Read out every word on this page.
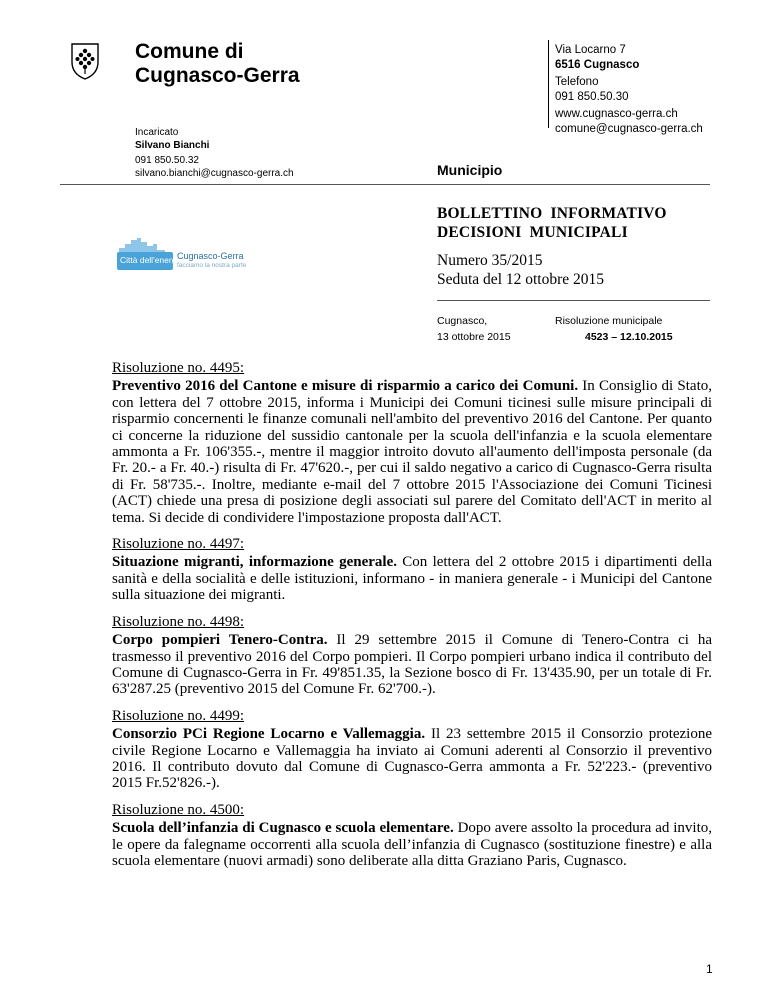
Comune di
Cugnasco-Gerra
Via Locarno 7
6516 Cugnasco
Telefono
091 850.50.30
www.cugnasco-gerra.ch
comune@cugnasco-gerra.ch
Incaricato
Silvano Bianchi
091 850.50.32
silvano.bianchi@cugnasco-gerra.ch	Municipio
Città dell'energia
Cugnasco-Gerra
facciamo la nostra parte
BOLLETTINO  INFORMATIVO
DECISIONI  MUNICIPALI
Numero 35/2015
Seduta del 12 ottobre 2015
Cugnasco,
13 ottobre 2015
Risoluzione municipale
4523 – 12.10.2015
Risoluzione no. 4495:
Preventivo 2016 del Cantone e misure di risparmio a carico dei Comuni. In Consiglio di Stato, con lettera del 7 ottobre 2015, informa i Municipi dei Comuni ticinesi sulle misure principali di risparmio concernenti le finanze comunali nell'ambito del preventivo 2016 del Cantone. Per quanto ci concerne la riduzione del sussidio cantonale per la scuola dell'infanzia e la scuola elementare ammonta a Fr. 106'355.-, mentre il maggior introito dovuto all'aumento dell'imposta personale (da Fr. 20.- a Fr. 40.-) risulta di Fr. 47'620.-, per cui il saldo negativo a carico di Cugnasco-Gerra risulta di Fr. 58'735.-. Inoltre, mediante e-mail del 7 ottobre 2015 l'Associazione dei Comuni Ticinesi (ACT) chiede una presa di posizione degli associati sul parere del Comitato dell'ACT in merito al tema. Si decide di condividere l'impostazione proposta dall'ACT.
Risoluzione no. 4497:
Situazione migranti, informazione generale. Con lettera del 2 ottobre 2015 i dipartimenti della sanità e della socialità e delle istituzioni, informano - in maniera generale - i Municipi del Cantone sulla situazione dei migranti.
Risoluzione no. 4498:
Corpo pompieri Tenero-Contra. Il 29 settembre 2015 il Comune di Tenero-Contra ci ha trasmesso il preventivo 2016 del Corpo pompieri. Il Corpo pompieri urbano indica il contributo del Comune di Cugnasco-Gerra in Fr. 49'851.35, la Sezione bosco di Fr. 13'435.90, per un totale di Fr. 63'287.25 (preventivo 2015 del Comune Fr. 62'700.-).
Risoluzione no. 4499:
Consorzio PCi Regione Locarno e Vallemaggia. Il 23 settembre 2015 il Consorzio protezione civile Regione Locarno e Vallemaggia ha inviato ai Comuni aderenti al Consorzio il preventivo 2016. Il contributo dovuto dal Comune di Cugnasco-Gerra ammonta a Fr. 52'223.- (preventivo 2015 Fr.52'826.-).
Risoluzione no. 4500:
Scuola dell’infanzia di Cugnasco e scuola elementare. Dopo avere assolto la procedura ad invito, le opere da falegname occorrenti alla scuola dell’infanzia di Cugnasco (sostituzione finestre) e alla scuola elementare (nuovi armadi) sono deliberate alla ditta Graziano Paris, Cugnasco.
1
